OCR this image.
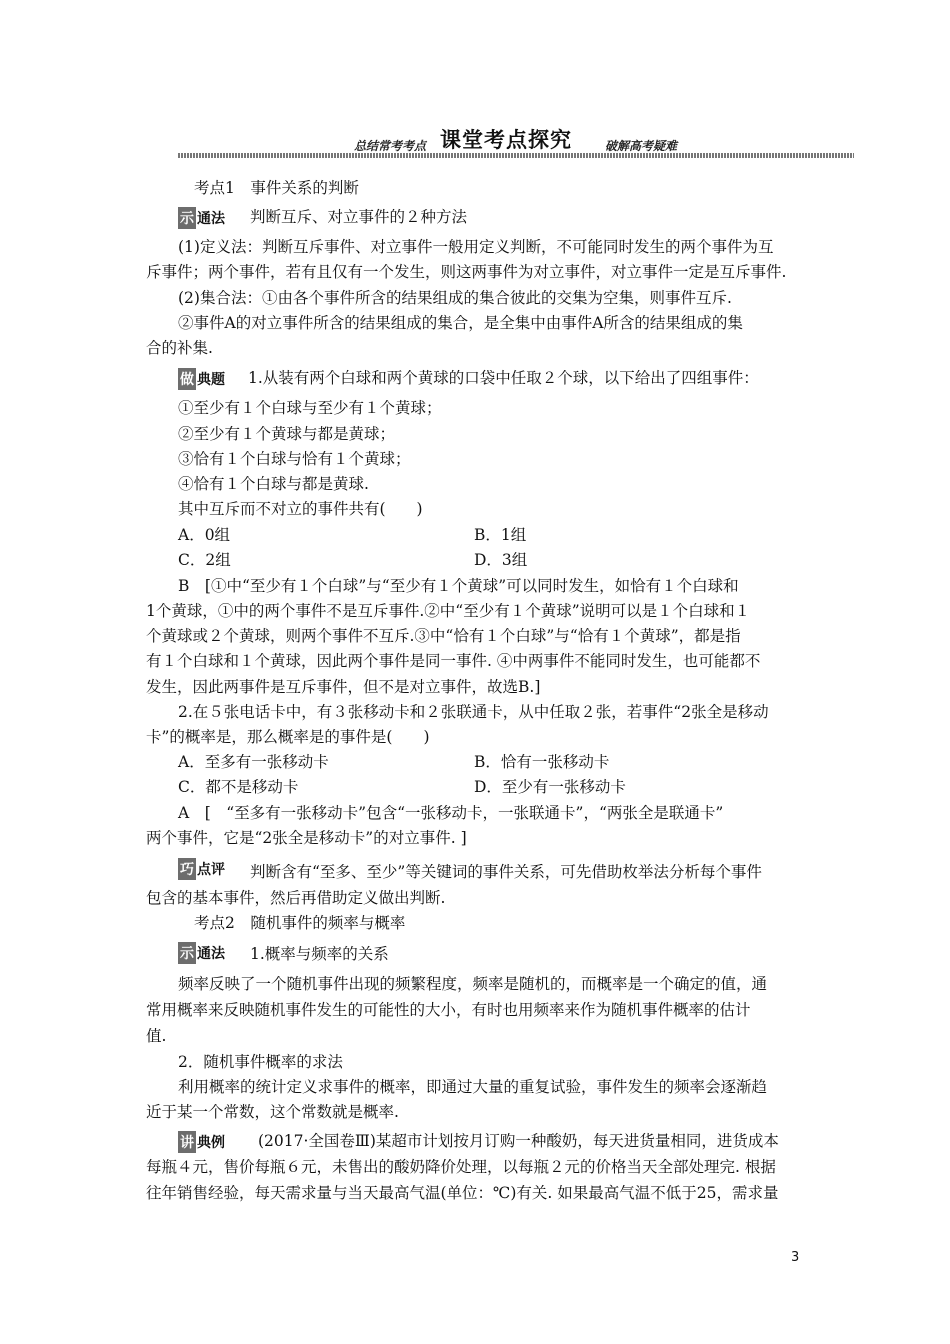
总结常考考点 课堂考点探究	破解高考疑难
考点1　事件关系的判断
示 通法 判断互斥、对立事件的２种方法
(1)定义法：判断互斥事件、对立事件一般用定义判断，不可能同时发生的两个事件为互
斥事件；两个事件，若有且仅有一个发生，则这两事件为对立事件，对立事件一定是互斥事件.
(2)集合法：①由各个事件所含的结果组成的集合彼此的交集为空集，则事件互斥.
②事件A的对立事件所含的结果组成的集合，是全集中由事件A所含的结果组成的集
合的补集.
做 典题 1.从装有两个白球和两个黄球的口袋中任取２个球，以下给出了四组事件：
①至少有１个白球与至少有１个黄球；
②至少有１个黄球与都是黄球；
③恰有１个白球与恰有１个黄球；
④恰有１个白球与都是黄球.
其中互斥而不对立的事件共有(　　)
A．0组	B．1组
C．2组	D．3组
B　[①中“至少有１个白球”与“至少有１个黄球”可以同时发生，如恰有１个白球和
1个黄球，①中的两个事件不是互斥事件.②中“至少有１个黄球”说明可以是１个白球和１
个黄球或２个黄球，则两个事件不互斥.③中“恰有１个白球”与“恰有１个黄球”，都是指
有１个白球和１个黄球，因此两个事件是同一事件. ④中两事件不能同时发生，也可能都不
发生，因此两事件是互斥事件，但不是对立事件，故选B.]
2.在５张电话卡中，有３张移动卡和２张联通卡，从中任取２张，若事件“2张全是移动
卡”的概率是，那么概率是的事件是(　　)
A．至多有一张移动卡	B．恰有一张移动卡
C．都不是移动卡	D．至少有一张移动卡
A　[　“至多有一张移动卡”包含“一张移动卡，一张联通卡”，“两张全是联通卡”
两个事件，它是“2张全是移动卡”的对立事件. ]
巧 点评 判断含有“至多、至少”等关键词的事件关系，可先借助枚举法分析每个事件
包含的基本事件，然后再借助定义做出判断.
考点2　随机事件的频率与概率
示 通法 1.概率与频率的关系
频率反映了一个随机事件出现的频繁程度，频率是随机的，而概率是一个确定的值，通
常用概率来反映随机事件发生的可能性的大小，有时也用频率来作为随机事件概率的估计
值.
2．随机事件概率的求法
利用概率的统计定义求事件的概率，即通过大量的重复试验，事件发生的频率会逐渐趋
近于某一个常数，这个常数就是概率.
讲 典例 (2017·全国卷Ⅲ)某超市计划按月订购一种酸奶，每天进货量相同，进货成本
每瓶４元，售价每瓶６元，未售出的酸奶降价处理，以每瓶２元的价格当天全部处理完. 根据
往年销售经验，每天需求量与当天最高气温(单位：℃)有关. 如果最高气温不低于25，需求量
3
